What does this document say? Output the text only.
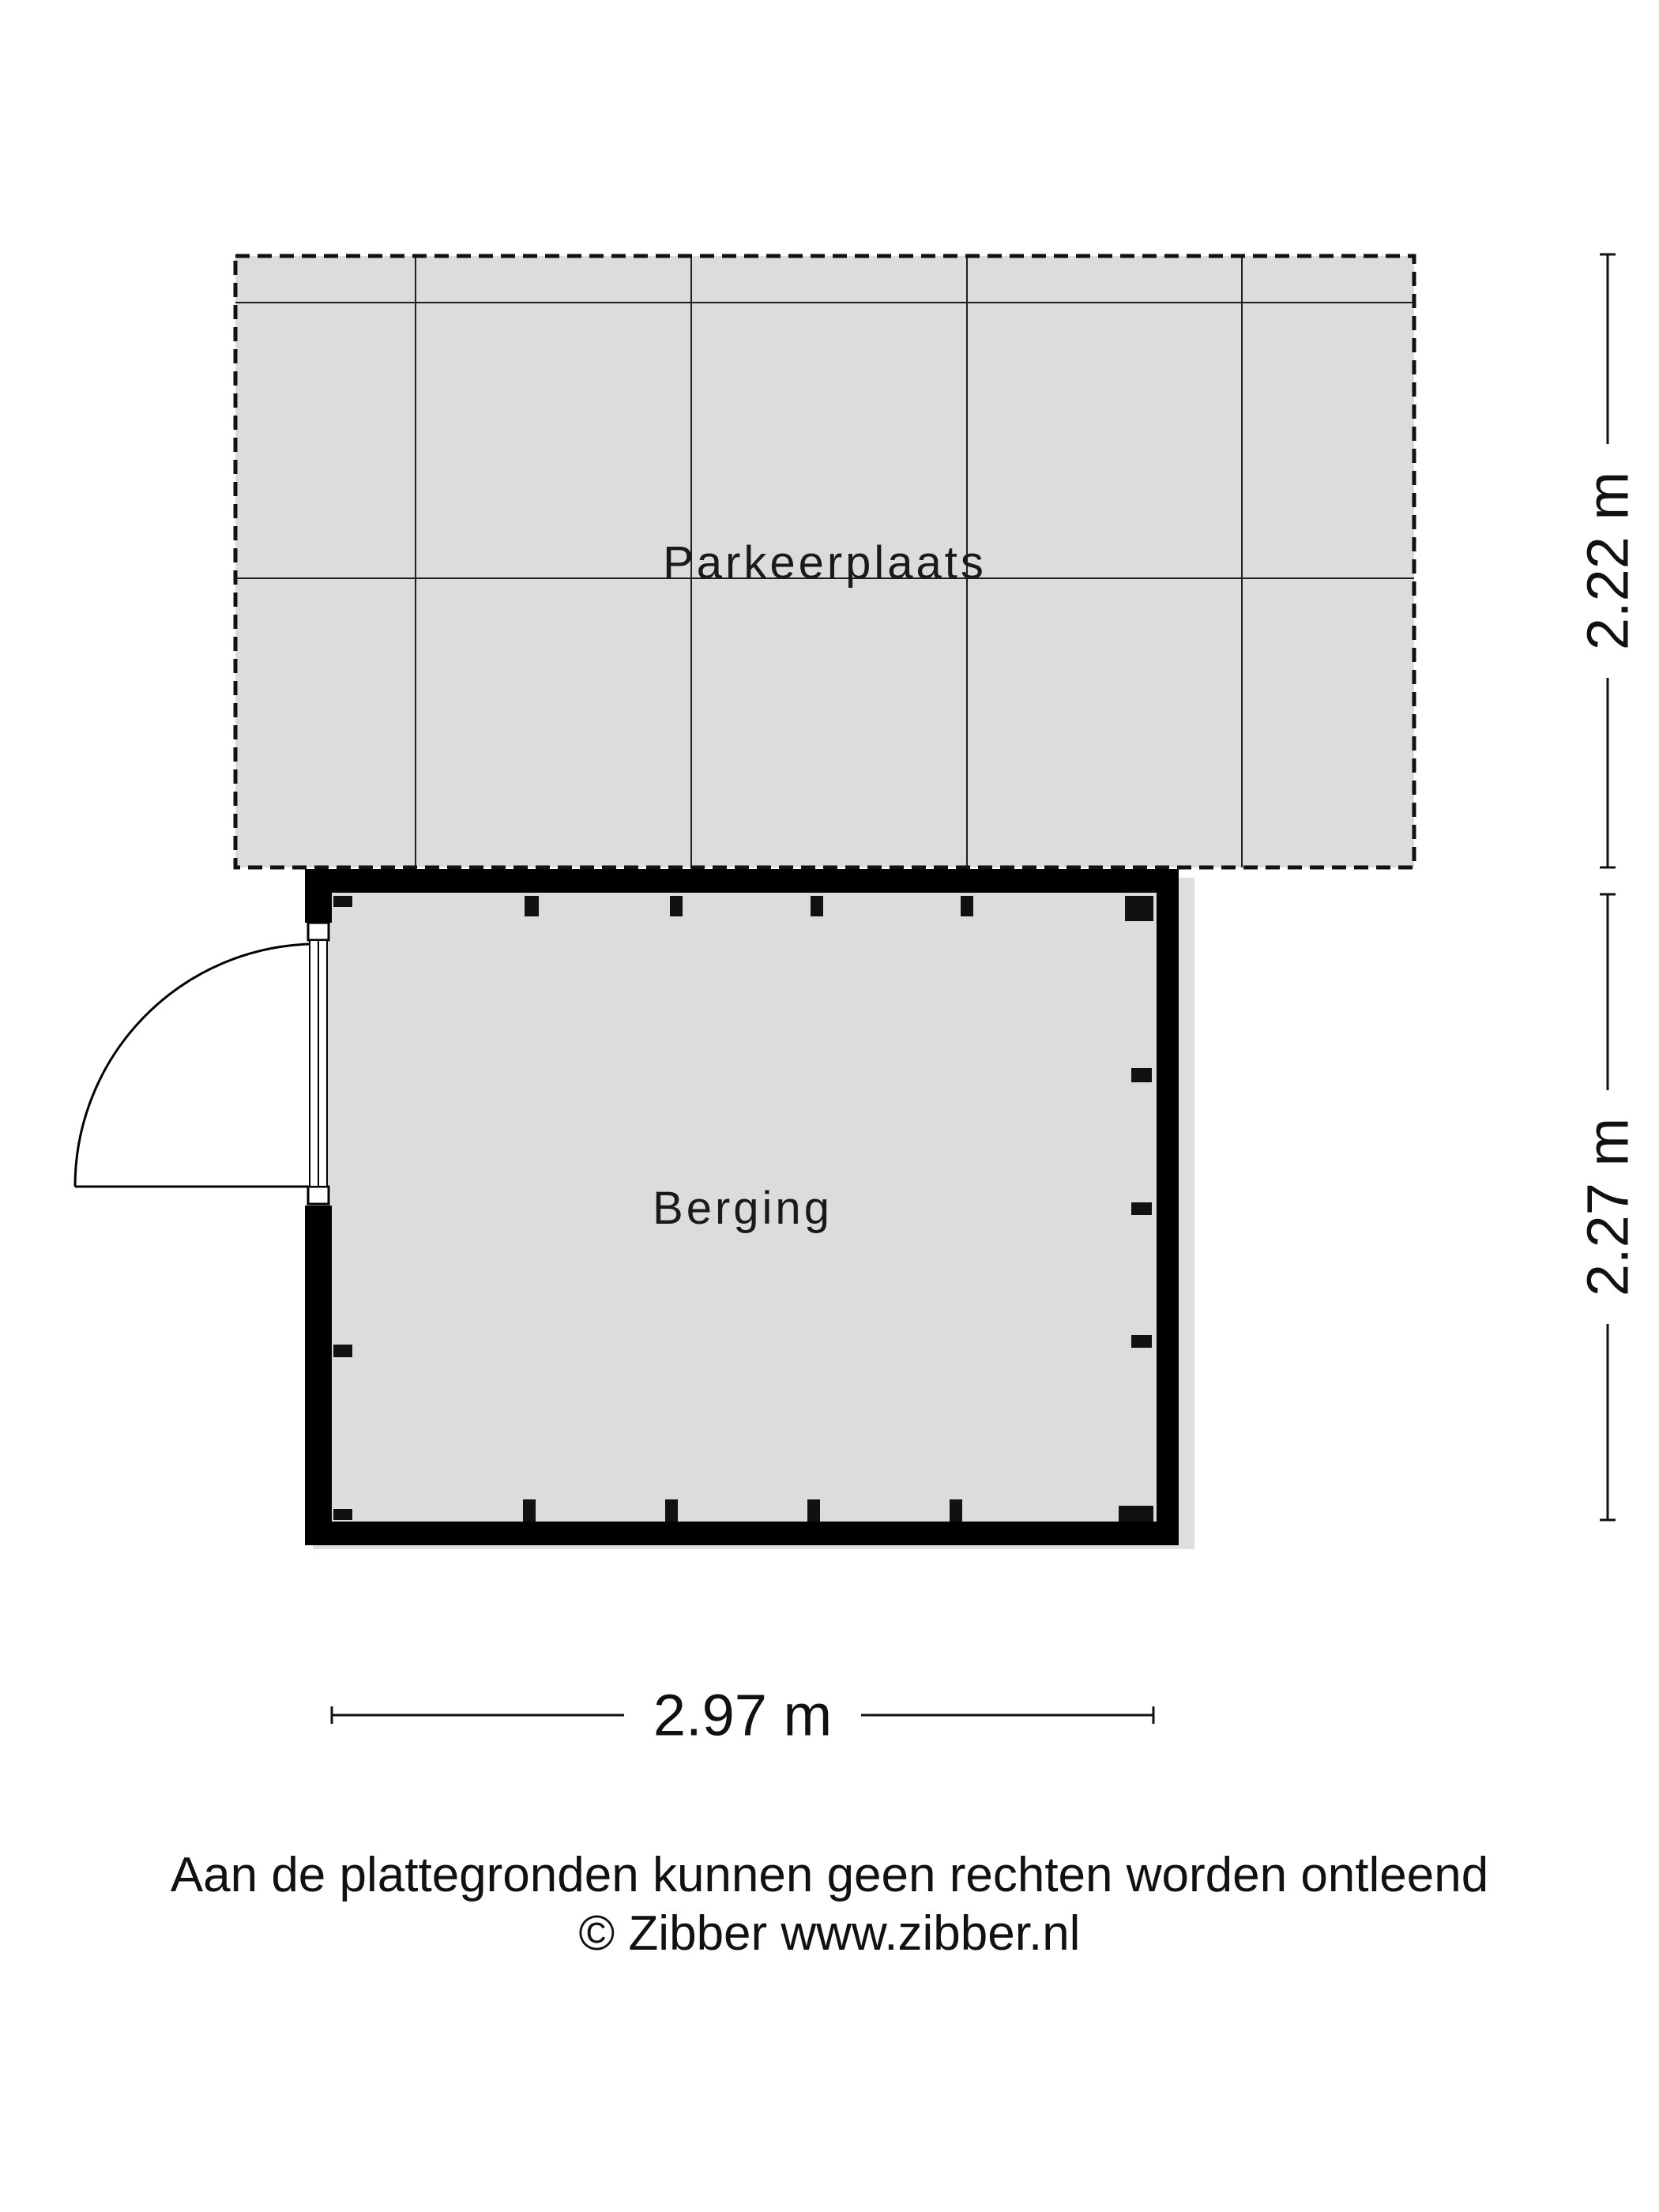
Parkeerplaats
Berging
2.22 m
2.27 m
2.97 m
Aan de plattegronden kunnen geen rechten worden ontleend
© Zibber www.zibber.nl
